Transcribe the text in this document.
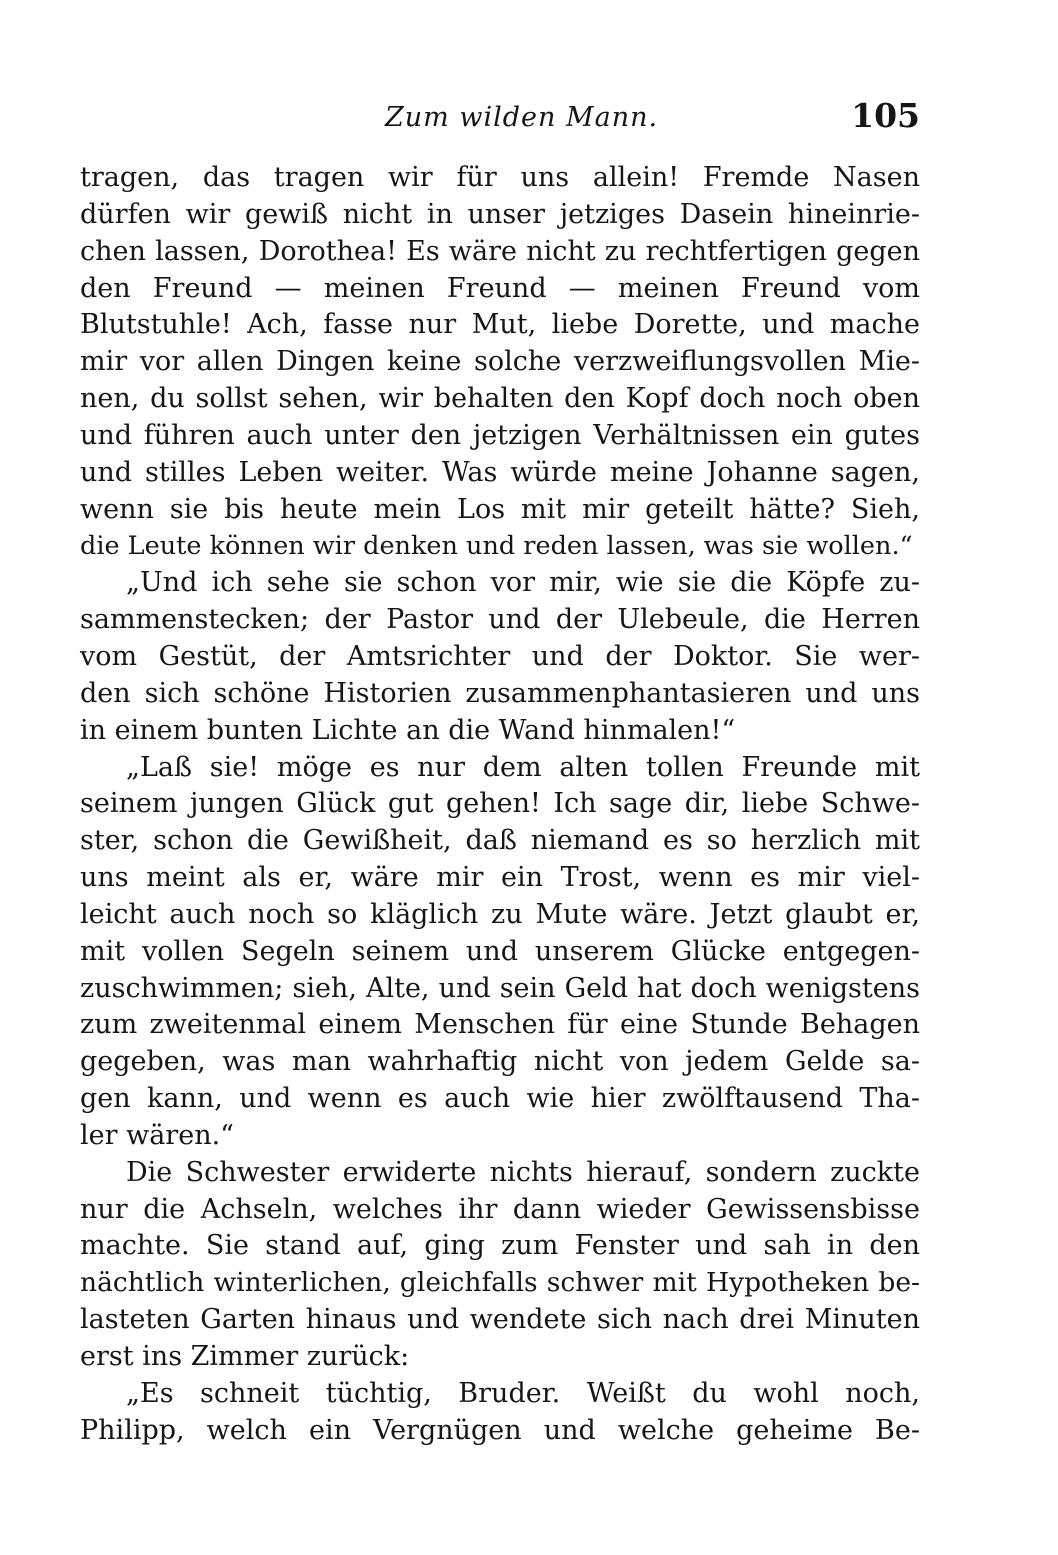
Zum wilden Mann.	105
tragen, das tragen wir für uns allein! Fremde Nasen
dürfen wir gewiß nicht in unser jetziges Dasein hineinrie-
chen lassen, Dorothea! Es wäre nicht zu rechtfertigen gegen
den Freund — meinen Freund — meinen Freund vom
Blutstuhle! Ach, fasse nur Mut, liebe Dorette, und mache
mir vor allen Dingen keine solche verzweiflungsvollen Mie-
nen, du sollst sehen, wir behalten den Kopf doch noch oben
und führen auch unter den jetzigen Verhältnissen ein gutes
und stilles Leben weiter. Was würde meine Johanne sagen,
wenn sie bis heute mein Los mit mir geteilt hätte? Sieh,
die Leute können wir denken und reden lassen, was sie wollen.“
„Und ich sehe sie schon vor mir, wie sie die Köpfe zu-
sammenstecken; der Pastor und der Ulebeule, die Herren
vom Gestüt, der Amtsrichter und der Doktor. Sie wer-
den sich schöne Historien zusammenphantasieren und uns
in einem bunten Lichte an die Wand hinmalen!“
„Laß sie! möge es nur dem alten tollen Freunde mit
seinem jungen Glück gut gehen! Ich sage dir, liebe Schwe-
ster, schon die Gewißheit, daß niemand es so herzlich mit
uns meint als er, wäre mir ein Trost, wenn es mir viel-
leicht auch noch so kläglich zu Mute wäre. Jetzt glaubt er,
mit vollen Segeln seinem und unserem Glücke entgegen-
zuschwimmen; sieh, Alte, und sein Geld hat doch wenigstens
zum zweitenmal einem Menschen für eine Stunde Behagen
gegeben, was man wahrhaftig nicht von jedem Gelde sa-
gen kann, und wenn es auch wie hier zwölftausend Tha-
ler wären.“
Die Schwester erwiderte nichts hierauf, sondern zuckte
nur die Achseln, welches ihr dann wieder Gewissensbisse
machte. Sie stand auf, ging zum Fenster und sah in den
nächtlich winterlichen, gleichfalls schwer mit Hypotheken be-
lasteten Garten hinaus und wendete sich nach drei Minuten
erst ins Zimmer zurück:
„Es schneit tüchtig, Bruder. Weißt du wohl noch,
Philipp, welch ein Vergnügen und welche geheime Be-
